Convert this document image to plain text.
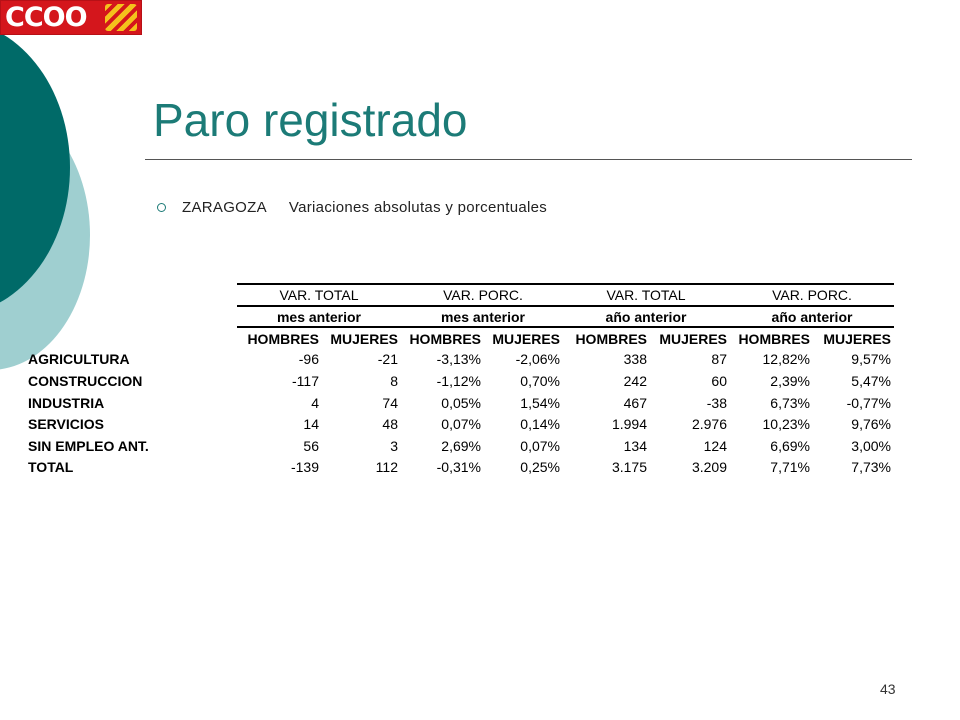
CCOO
Paro registrado
ZARAGOZA Variaciones absolutas y porcentuales
VAR. TOTAL	VAR. PORC.	VAR. TOTAL	VAR. PORC.
mes anterior	mes anterior	año anterior	año anterior
HOMBRES MUJERES HOMBRES MUJERES	HOMBRES MUJERES HOMBRES MUJERES
AGRICULTURA	-96	-21	-3,13%	-2,06%	338	87	12,82%	9,57%
CONSTRUCCION	-117	8	-1,12%	0,70%	242	60	2,39%	5,47%
INDUSTRIA	4	74	0,05%	1,54%	467	-38	6,73%	-0,77%
SERVICIOS	14	48	0,07%	0,14%	1.994	2.976	10,23%	9,76%
SIN EMPLEO ANT.	56	3	2,69%	0,07%	134	124	6,69%	3,00%
TOTAL	-139	112	-0,31%	0,25%	3.175	3.209	7,71%	7,73%
43
